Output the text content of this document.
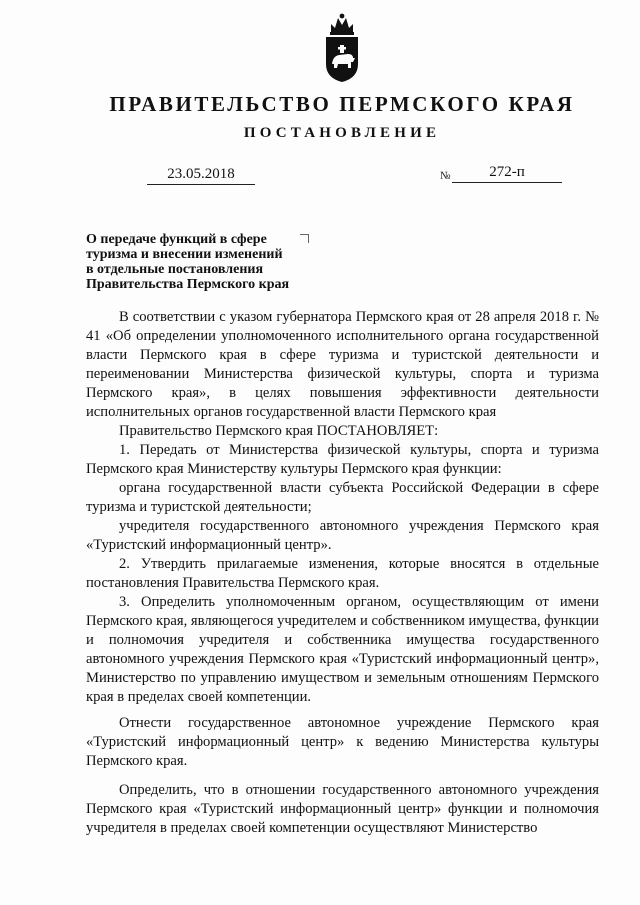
ПРАВИТЕЛЬСТВО ПЕРМСКОГО КРАЯ
ПОСТАНОВЛЕНИЕ
23.05.2018	№	272-п
О передаче функций в сфере
туризма и внесении изменений
в отдельные постановления
Правительства Пермского края

В соответствии с указом губернатора Пермского края от 28 апреля 2018 г. № 41 «Об определении уполномоченного исполнительного органа государственной власти Пермского края в сфере туризма и туристской деятельности и переименовании Министерства физической культуры, спорта и туризма Пермского края», в целях повышения эффективности деятельности исполнительных органов государственной власти Пермского края

Правительство Пермского края ПОСТАНОВЛЯЕТ:

1. Передать от Министерства физической культуры, спорта и туризма Пермского края Министерству культуры Пермского края функции:

органа государственной власти субъекта Российской Федерации в сфере туризма и туристской деятельности;

учредителя государственного автономного учреждения Пермского края «Туристский информационный центр».

2. Утвердить прилагаемые изменения, которые вносятся в отдельные постановления Правительства Пермского края.

3. Определить уполномоченным органом, осуществляющим от имени Пермского края, являющегося учредителем и собственником имущества, функции и полномочия учредителя и собственника имущества государственного автономного учреждения Пермского края «Туристский информационный центр», Министерство по управлению имуществом и земельным отношениям Пермского края в пределах своей компетенции.

Отнести государственное автономное учреждение Пермского края «Туристский информационный центр» к ведению Министерства культуры Пермского края.

Определить, что в отношении государственного автономного учреждения Пермского края «Туристский информационный центр» функции и полномочия учредителя в пределах своей компетенции осуществляют Министерство
